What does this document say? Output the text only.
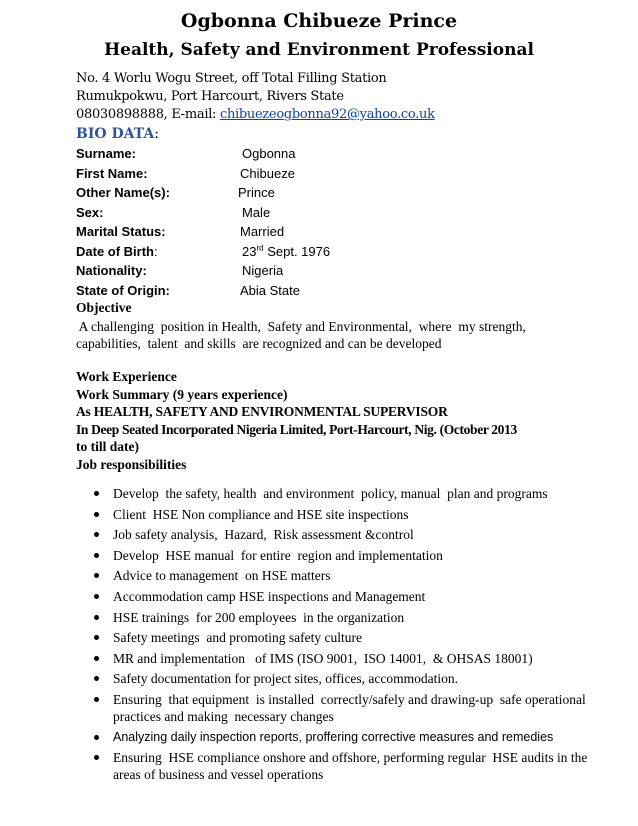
Ogbonna Chibueze Prince
Health, Safety and Environment Professional
No. 4 Worlu Wogu Street, off Total Filling Station
Rumukpokwu, Port Harcourt, Rivers State
08030898888, E-mail: chibuezeogbonna92@yahoo.co.uk
BIO DATA:
Surname:	Ogbonna
First Name:	Chibueze
Other Name(s):	Prince
Sex:	Male
Marital Status:	Married
Date of Birth:	23rd Sept. 1976
Nationality:	Nigeria
State of Origin:	Abia State
Objective
A challenging  position in Health,  Safety and Environmental,  where  my strength,
capabilities,  talent  and skills  are recognized and can be developed
Work Experience
Work Summary (9 years experience)
As HEALTH, SAFETY AND ENVIRONMENTAL SUPERVISOR
In Deep Seated Incorporated Nigeria Limited, Port-Harcourt, Nig. (October 2013
to till date)
Job responsibilities
Develop  the safety, health  and environment  policy, manual  plan and programs
Client  HSE Non compliance and HSE site inspections
Job safety analysis,  Hazard,  Risk assessment &control
Develop  HSE manual  for entire  region and implementation
Advice to management  on HSE matters
Accommodation camp HSE inspections and Management
HSE trainings  for 200 employees  in the organization
Safety meetings  and promoting safety culture
MR and implementation   of IMS (ISO 9001,  ISO 14001,  & OHSAS 18001)
Safety documentation for project sites, offices, accommodation.
Ensuring  that equipment  is installed  correctly/safely and drawing-up  safe operational practices and making  necessary changes
Analyzing daily inspection reports, proffering corrective measures and remedies
Ensuring  HSE compliance onshore and offshore, performing regular  HSE audits in the areas of business and vessel operations
